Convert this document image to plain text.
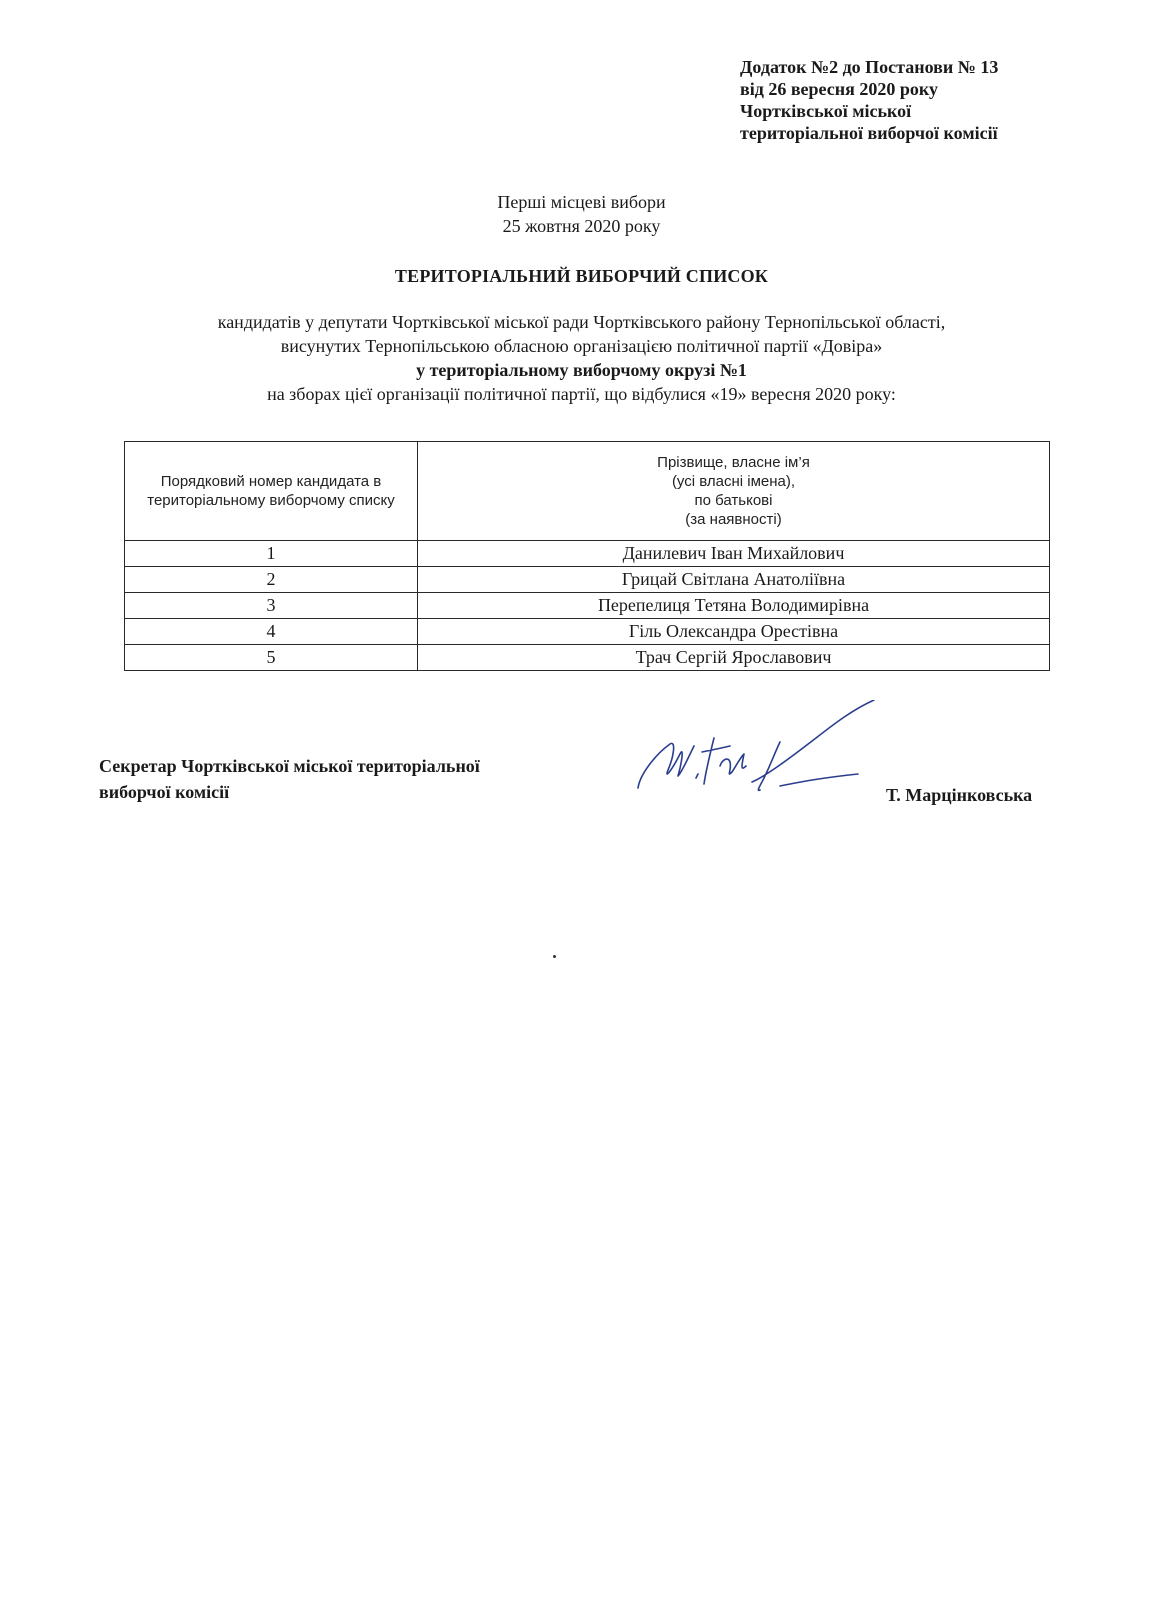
Додаток №2 до Постанови № 13
від 26 вересня 2020 року
Чортківської міської
територіальної виборчої комісії
Перші місцеві вибори
25 жовтня 2020 року
ТЕРИТОРІАЛЬНИЙ ВИБОРЧИЙ СПИСОК
кандидатів у депутати Чортківської міської ради Чортківського району Тернопільської області,
висунутих Тернопільською обласною організацією політичної партії «Довіра»
у територіальному виборчому окрузі №1
на зборах цієї організації політичної партії, що відбулися «19» вересня 2020 року:
Порядковий номер кандидата в територіальному виборчому списку	Прізвище, власне ім’я
(усі власні імена),
по батькові
(за наявності)

1	Данилевич Іван Михайлович
2	Грицай Світлана Анатоліївна
3	Перепелиця Тетяна Володимирівна
4	Гіль Олександра Орестівна
5	Трач Сергій Ярославович
Секретар Чортківської міської територіальної
виборчої комісії	Т. Марцінковська
